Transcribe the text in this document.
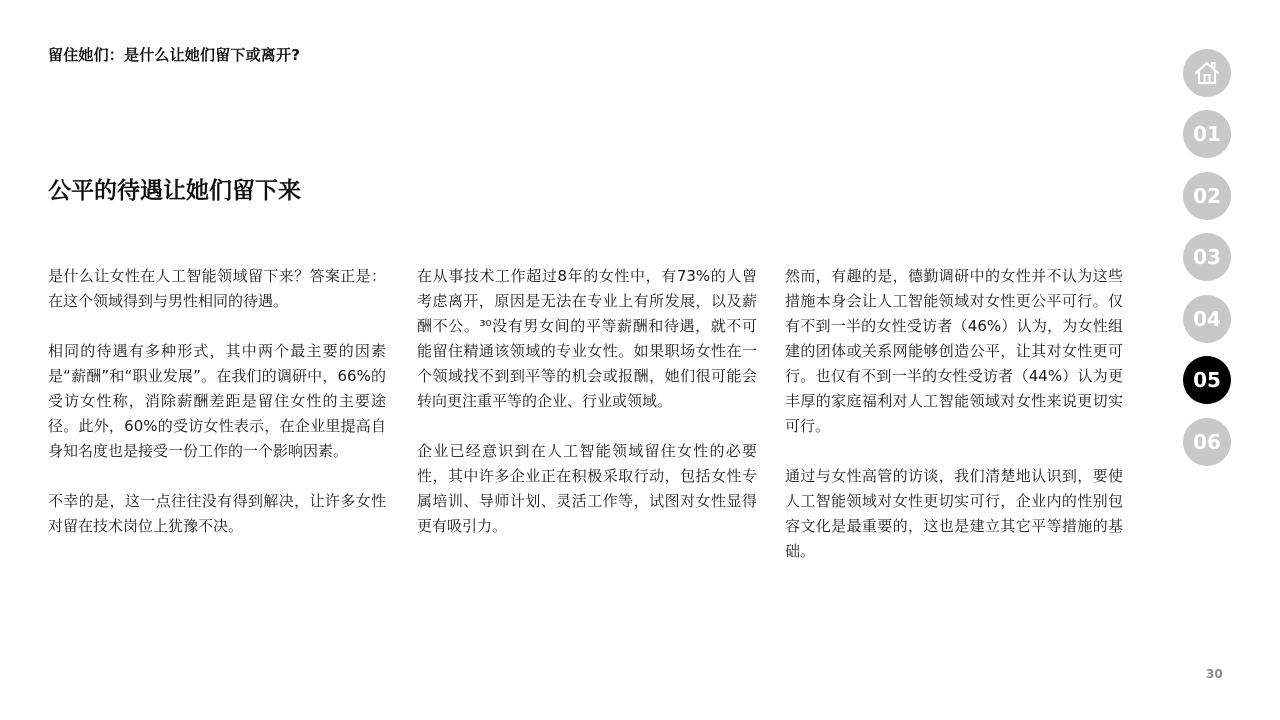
留住她们：是什么让她们留下或离开?
公平的待遇让她们留下来

是什么让女性在人工智能领域留下来？答案正是：在这个领域得到与男性相同的待遇。

相同的待遇有多种形式，其中两个最主要的因素是“薪酬”和“职业发展”。在我们的调研中，66%的受访女性称，消除薪酬差距是留住女性的主要途径。此外，60%的受访女性表示，在企业里提高自身知名度也是接受一份工作的一个影响因素。

不幸的是，这一点往往没有得到解决，让许多女性对留在技术岗位上犹豫不决。

在从事技术工作超过8年的女性中，有73%的人曾考虑离开，原因是无法在专业上有所发展，以及薪酬不公。³⁰没有男女间的平等薪酬和待遇，就不可能留住精通该领域的专业女性。如果职场女性在一个领域找不到到平等的机会或报酬，她们很可能会转向更注重平等的企业、行业或领域。

企业已经意识到在人工智能领域留住女性的必要性，其中许多企业正在积极采取行动，包括女性专属培训、导师计划、灵活工作等，试图对女性显得更有吸引力。

然而，有趣的是，德勤调研中的女性并不认为这些措施本身会让人工智能领域对女性更公平可行。仅有不到一半的女性受访者（46%）认为，为女性组建的团体或关系网能够创造公平，让其对女性更可行。也仅有不到一半的女性受访者（44%）认为更丰厚的家庭福利对人工智能领域对女性来说更切实可行。

通过与女性高管的访谈，我们清楚地认识到，要使人工智能领域对女性更切实可行，企业内的性别包容文化是最重要的，这也是建立其它平等措施的基础。

01
02
03
04
05
06
30
